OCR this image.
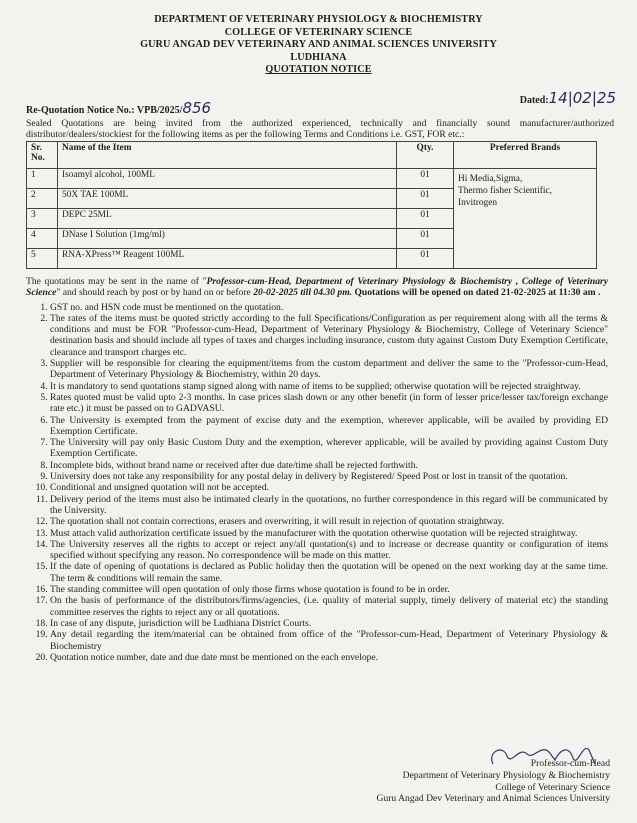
DEPARTMENT OF VETERINARY PHYSIOLOGY & BIOCHEMISTRY
COLLEGE OF VETERINARY SCIENCE
GURU ANGAD DEV VETERINARY AND ANIMAL SCIENCES UNIVERSITY
LUDHIANA
QUOTATION NOTICE
Re-Quotation Notice No.: VPB/2025/856	Dated:14|02|25
Sealed Quotations are being invited from the authorized experienced, technically and financially sound manufacturer/authorized distributor/dealers/stockiest for the following items as per the following Terms and Conditions i.e. GST, FOR etc.:
Sr. No.	Name of the Item	Qty.	Preferred Brands
1	Isoamyl alcohol, 100ML	01	Hi Media,Sigma,
Thermo fisher Scientific,
Invitrogen

2	50X TAE 100ML	01	
3	DEPC 25ML	01	
4	DNase I Solution (1mg/ml)	01	
5	RNA-XPress™ Reagent 100ML	01	

The quotations may be sent in the name of "Professor-cum-Head, Department of Veterinary Physiology & Biochemistry , College of Veterinary Science" and should reach by post or by hand on or before 20-02-2025 till 04.30 pm. Quotations will be opened on dated 21-02-2025 at 11:30 am .

1. GST no. and HSN code must be mentioned on the quotation.
2. The rates of the items must be quoted strictly according to the full Specifications/Configuration as per requirement along with all the terms & conditions and must be FOR "Professor-cum-Head, Department of Veterinary Physiology & Biochemistry, College of Veterinary Science" destination basis and should include all types of taxes and charges including insurance, custom duty against Custom Duty Exemption Certificate, clearance and transport charges etc.
3. Supplier will be responsible for clearing the equipment/items from the custom department and deliver the same to the "Professor-cum-Head, Department of Veterinary Physiology & Biochemistry, within 20 days.
4. It is mandatory to send quotations stamp signed along with name of items to be supplied; otherwise quotation will be rejected straightway.
5. Rates quoted must be valid upto 2-3 months. In case prices slash down or any other benefit (in form of lesser price/lesser tax/foreign exchange rate etc.) it must be passed on to GADVASU.
6. The University is exempted from the payment of excise duty and the exemption, wherever applicable, will be availed by providing ED Exemption Certificate.
7. The University will pay only Basic Custom Duty and the exemption, wherever applicable, will be availed by providing against Custom Duty Exemption Certificate.
8. Incomplete bids, without brand name or received after due date/time shall be rejected forthwith.
9. University does not take any responsibility for any postal delay in delivery by Registered/ Speed Post or lost in transit of the quotation.
10. Conditional and unsigned quotation will not be accepted.
11. Delivery period of the items must also be intimated clearly in the quotations, no further correspondence in this regard will be communicated by the University.
12. The quotation shall not contain corrections, erasers and overwriting, it will result in rejection of quotation straightway.
13. Must attach valid authorization certificate issued by the manufacturer with the quotation otherwise quotation will be rejected straightway.
14. The University reserves all the rights to accept or reject any/all quotation(s) and to increase or decrease quantity or configuration of items specified without specifying any reason. No correspondence will be made on this matter.
15. If the date of opening of quotations is declared as Public holiday then the quotation will be opened on the next working day at the same time. The term & conditions will remain the same.
16. The standing committee will open quotation of only those firms whose quotation is found to be in order.
17. On the basis of performance of the distributors/firms/agencies, (i.e. quality of material supply, timely delivery of material etc) the standing committee reserves the rights to reject any or all quotations.
18. In case of any dispute, jurisdiction will be Ludhiana District Courts.
19. Any detail regarding the item/material can be obtained from office of the "Professor-cum-Head, Department of Veterinary Physiology & Biochemistry
20. Quotation notice number, date and due date must be mentioned on the each envelope.
Professor-cum-Head
Department of Veterinary Physiology & Biochemistry
College of Veterinary Science
Guru Angad Dev Veterinary and Animal Sciences University
